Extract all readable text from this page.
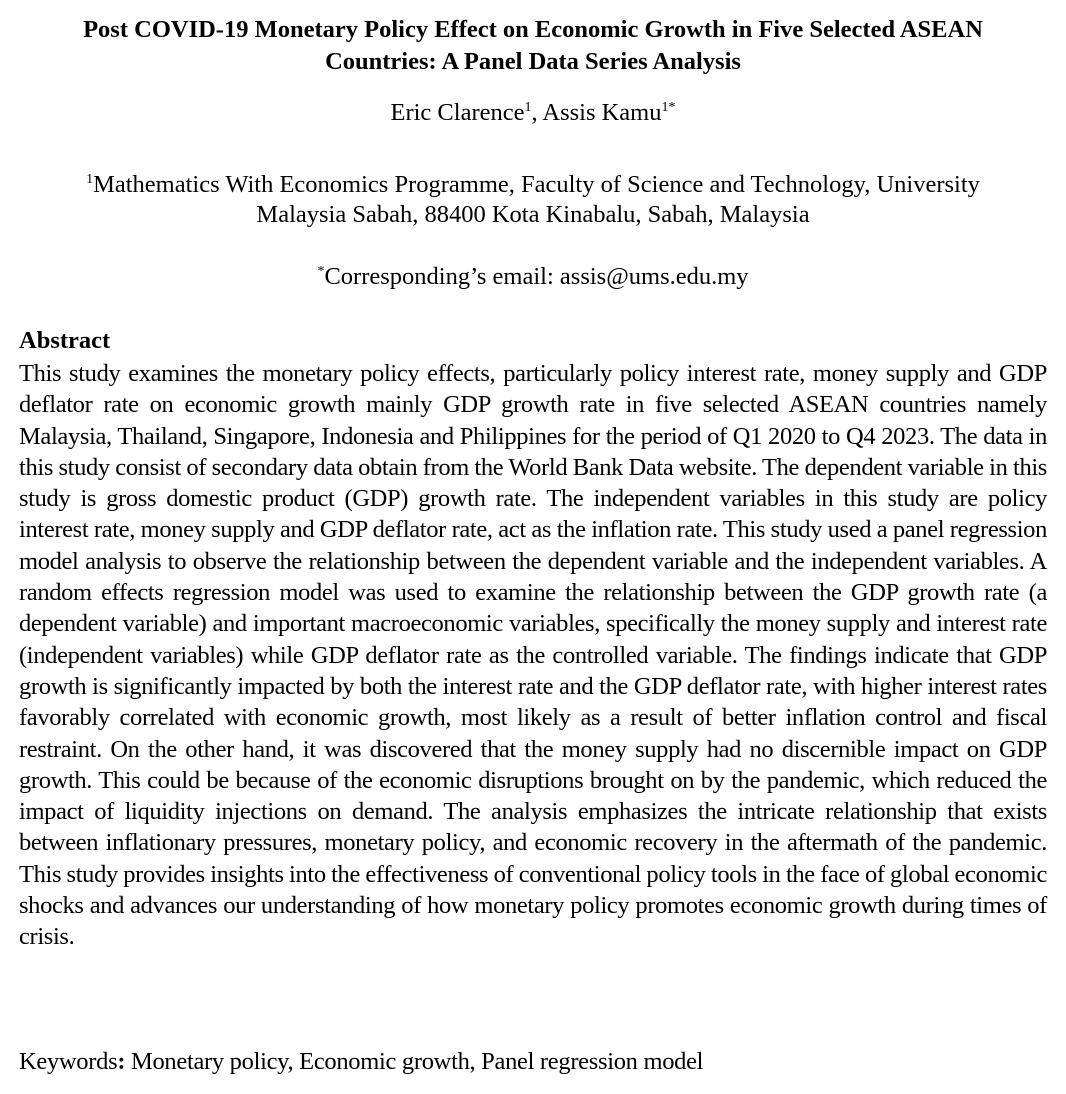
Post COVID-19 Monetary Policy Effect on Economic Growth in Five Selected ASEAN
Countries: A Panel Data Series Analysis
Eric Clarence$^1$, Assis Kamu$^{1*}$
$^1$Mathematics With Economics Programme, Faculty of Science and Technology, University
Malaysia Sabah, 88400 Kota Kinabalu, Sabah, Malaysia
*Corresponding’s email: assis@ums.edu.my
Abstract
This study examines the monetary policy effects, particularly policy interest rate, money supply and GDP deflator rate on economic growth mainly GDP growth rate in five selected ASEAN countries namely Malaysia, Thailand, Singapore, Indonesia and Philippines for the period of Q1 2020 to Q4 2023. The data in this study consist of secondary data obtain from the World Bank Data website. The dependent variable in this study is gross domestic product (GDP) growth rate. The independent variables in this study are policy interest rate, money supply and GDP deflator rate, act as the inflation rate. This study used a panel regression model analysis to observe the relationship between the dependent variable and the independent variables. A random effects regression model was used to examine the relationship between the GDP growth rate (a dependent variable) and important macroeconomic variables, specifically the money supply and interest rate (independent variables) while GDP deflator rate as the controlled variable. The findings indicate that GDP growth is significantly impacted by both the interest rate and the GDP deflator rate, with higher interest rates favorably correlated with economic growth, most likely as a result of better inflation control and fiscal restraint. On the other hand, it was discovered that the money supply had no discernible impact on GDP growth. This could be because of the economic disruptions brought on by the pandemic, which reduced the impact of liquidity injections on demand. The analysis emphasizes the intricate relationship that exists between inflationary pressures, monetary policy, and economic recovery in the aftermath of the pandemic. This study provides insights into the effectiveness of conventional policy tools in the face of global economic shocks and advances our understanding of how monetary policy promotes economic growth during times of crisis.
Keywords: Monetary policy, Economic growth, Panel regression model
